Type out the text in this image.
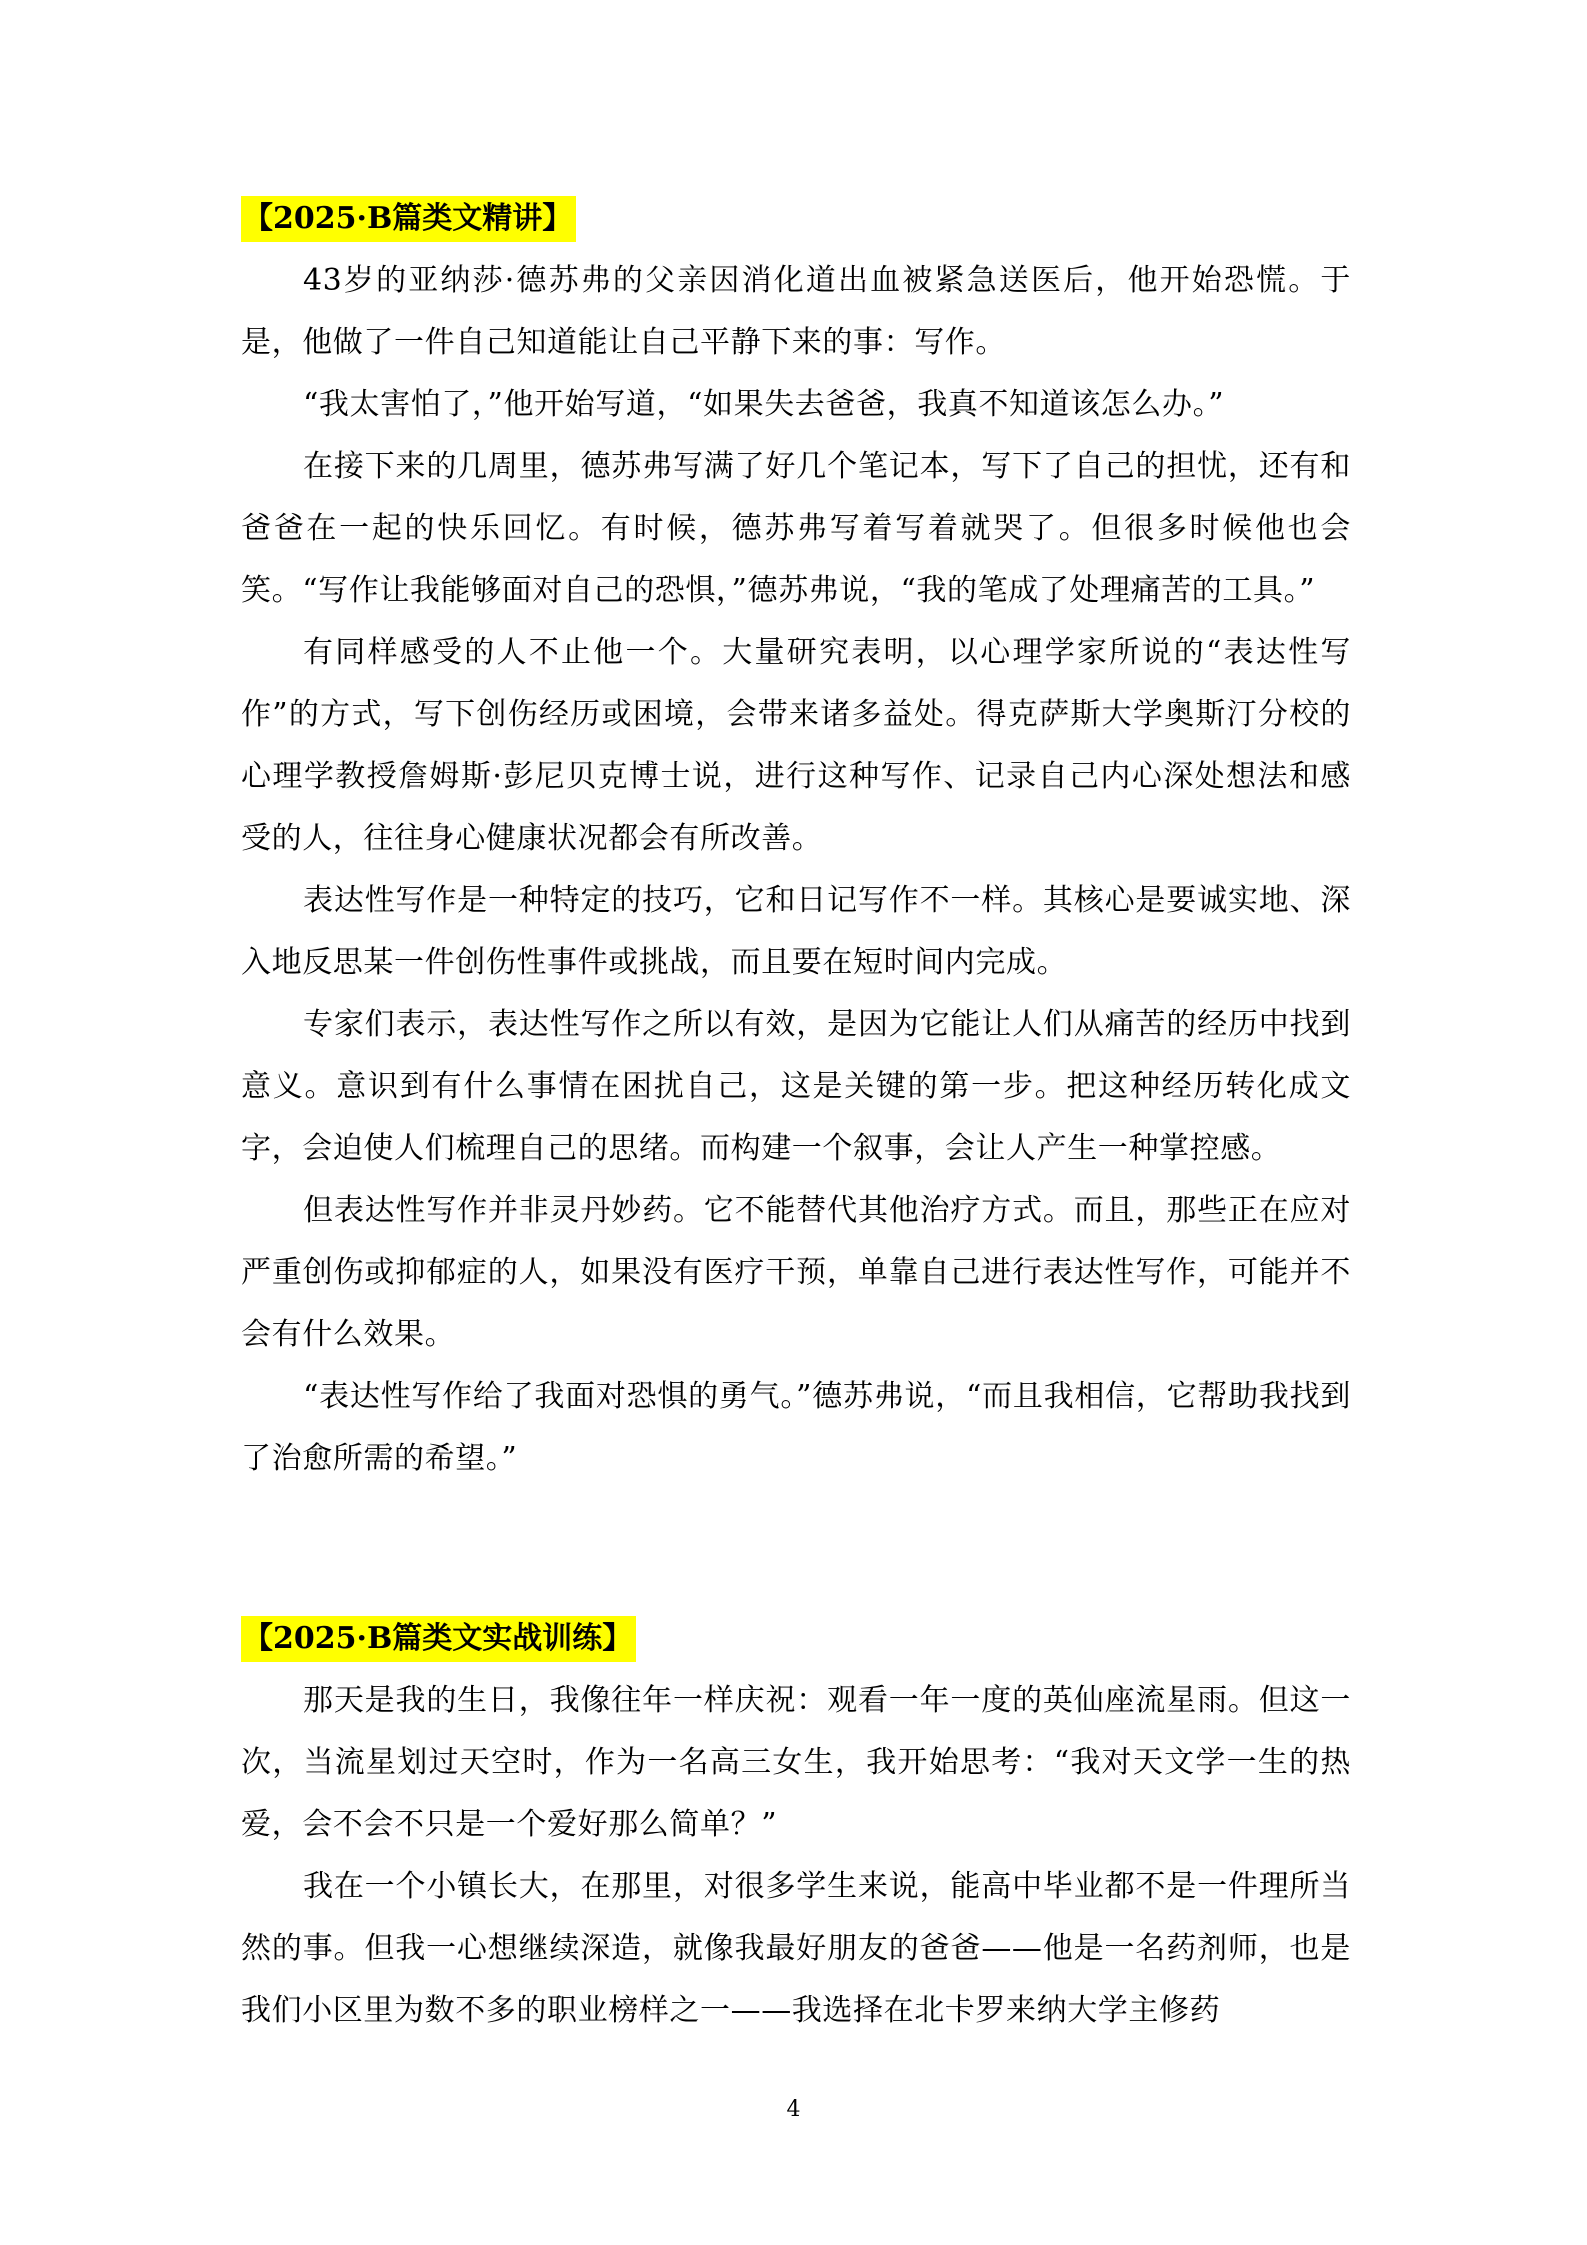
【2025·B篇类文精讲】

43岁的亚纳莎·德苏弗的父亲因消化道出血被紧急送医后，他开始恐慌。于是，他做了一件自己知道能让自己平静下来的事：写作。

“我太害怕了，”他开始写道，“如果失去爸爸，我真不知道该怎么办。”

在接下来的几周里，德苏弗写满了好几个笔记本，写下了自己的担忧，还有和爸爸在一起的快乐回忆。有时候，德苏弗写着写着就哭了。但很多时候他也会笑。“写作让我能够面对自己的恐惧，”德苏弗说，“我的笔成了处理痛苦的工具。”

有同样感受的人不止他一个。大量研究表明，以心理学家所说的“表达性写作”的方式，写下创伤经历或困境，会带来诸多益处。得克萨斯大学奥斯汀分校的心理学教授詹姆斯·彭尼贝克博士说，进行这种写作、记录自己内心深处想法和感受的人，往往身心健康状况都会有所改善。

表达性写作是一种特定的技巧，它和日记写作不一样。其核心是要诚实地、深入地反思某一件创伤性事件或挑战，而且要在短时间内完成。

专家们表示，表达性写作之所以有效，是因为它能让人们从痛苦的经历中找到意义。意识到有什么事情在困扰自己，这是关键的第一步。把这种经历转化成文字，会迫使人们梳理自己的思绪。而构建一个叙事，会让人产生一种掌控感。

但表达性写作并非灵丹妙药。它不能替代其他治疗方式。而且，那些正在应对严重创伤或抑郁症的人，如果没有医疗干预，单靠自己进行表达性写作，可能并不会有什么效果。

“表达性写作给了我面对恐惧的勇气。”德苏弗说，“而且我相信，它帮助我找到了治愈所需的希望。”

【2025·B篇类文实战训练】

那天是我的生日，我像往年一样庆祝：观看一年一度的英仙座流星雨。但这一次，当流星划过天空时，作为一名高三女生，我开始思考：“我对天文学一生的热爱，会不会不只是一个爱好那么简单？”

我在一个小镇长大，在那里，对很多学生来说，能高中毕业都不是一件理所当然的事。但我一心想继续深造，就像我最好朋友的爸爸——他是一名药剂师，也是我们小区里为数不多的职业榜样之一——我选择在北卡罗来纳大学主修药

4
